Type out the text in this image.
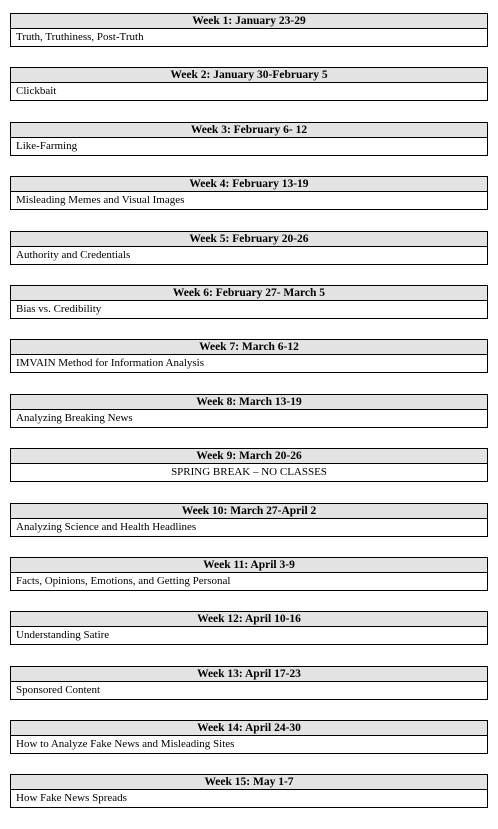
Week 1: January 23-29
Truth, Truthiness, Post-Truth
Week 2: January 30-February 5
Clickbait
Week 3: February 6- 12
Like-Farming
Week 4: February 13-19
Misleading Memes and Visual Images
Week 5: February 20-26
Authority and Credentials
Week 6: February 27- March 5
Bias vs. Credibility
Week 7: March 6-12
IMVAIN Method for Information Analysis
Week 8: March 13-19
Analyzing Breaking News
Week 9: March 20-26
SPRING BREAK – NO CLASSES
Week 10: March 27-April 2
Analyzing Science and Health Headlines
Week 11: April 3-9
Facts, Opinions, Emotions, and Getting Personal
Week 12: April 10-16
Understanding Satire
Week 13: April 17-23
Sponsored Content
Week 14: April 24-30
How to Analyze Fake News and Misleading Sites
Week 15: May 1-7
How Fake News Spreads
